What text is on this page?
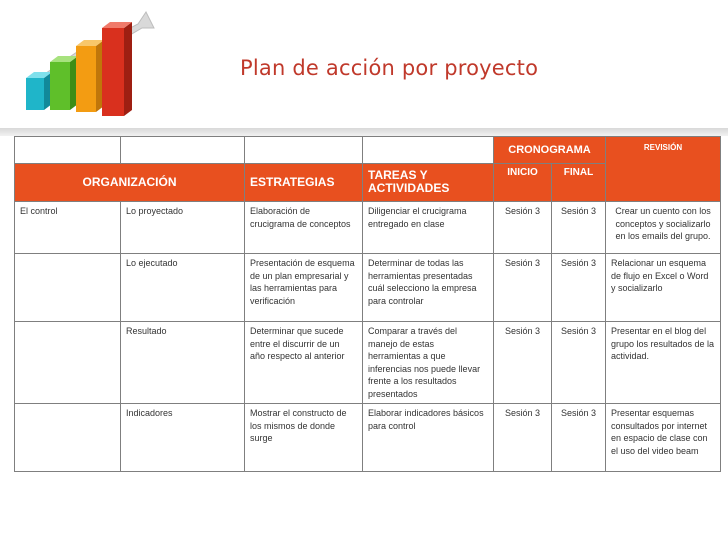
Plan de acción por proyecto
				CRONOGRAMA		REVISIÓN
ORGANIZACIÓN		ESTRATEGIAS	TAREAS Y ACTIVIDADES	INICIO	FINAL	
El control	Lo proyectado	Elaboración de crucigrama de conceptos	Diligenciar el crucigrama entregado en clase	Sesión 3	Sesión 3	Crear un cuento con los conceptos y socializarlo en los emails del grupo.
	Lo ejecutado	Presentación de esquema de un plan empresarial y las herramientas para verificación	Determinar de todas las herramientas presentadas cuál selecciono la empresa para controlar	Sesión 3	Sesión 3	Relacionar un esquema de flujo en Excel o Word y socializarlo
	Resultado	Determinar que sucede entre el discurrir de un año respecto al anterior	Comparar a través del manejo de estas herramientas a que inferencias nos puede llevar frente a los resultados presentados	Sesión 3	Sesión 3	Presentar en el blog del grupo los resultados de la actividad.
	Indicadores	Mostrar el constructo de los mismos de donde surge	Elaborar indicadores básicos para control	Sesión 3	Sesión 3	Presentar esquemas consultados por internet en espacio de clase con el uso del video beam
